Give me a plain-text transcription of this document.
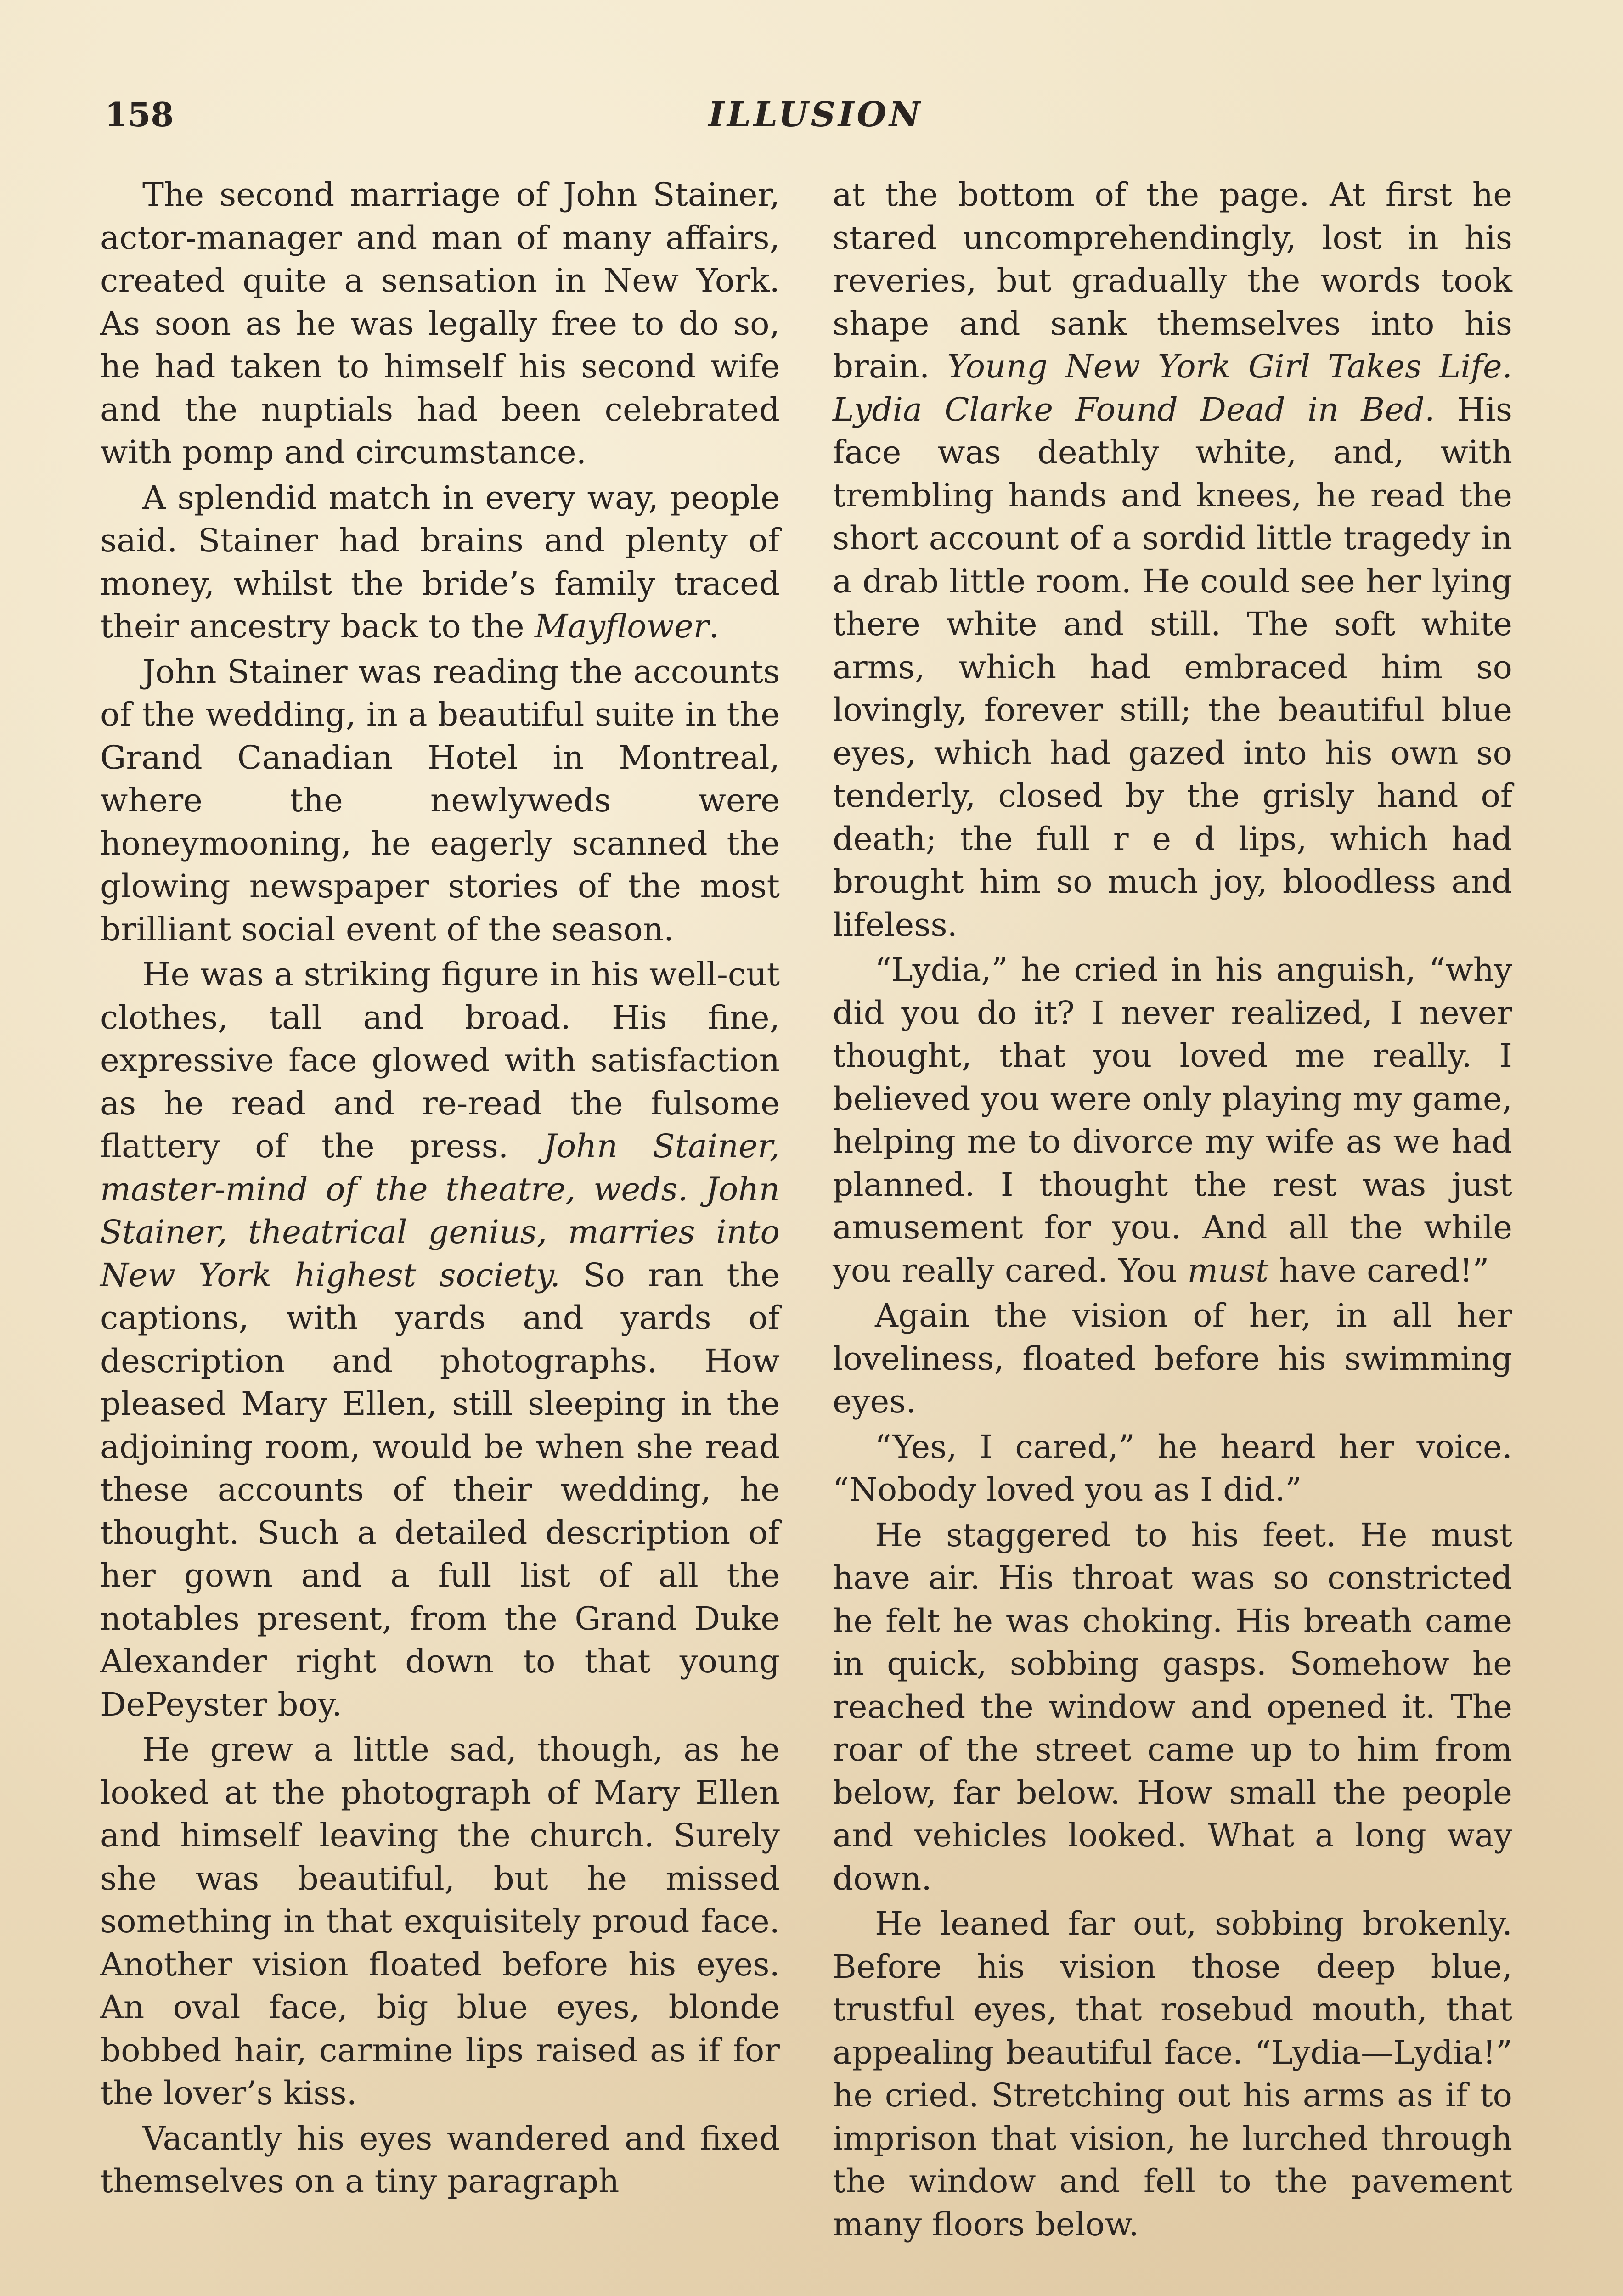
158	ILLUSION

The second marriage of John Stainer, actor-manager and man of many affairs, created quite a sensation in New York. As soon as he was legally free to do so, he had taken to himself his second wife and the nuptials had been celebrated with pomp and circumstance.

A splendid match in every way, people said. Stainer had brains and plenty of money, whilst the bride’s family traced their ancestry back to the Mayflower.

John Stainer was reading the accounts of the wedding, in a beautiful suite in the Grand Canadian Hotel in Montreal, where the newlyweds were honeymooning, he eagerly scanned the glowing newspaper stories of the most brilliant social event of the season.

He was a striking figure in his well-cut clothes, tall and broad. His fine, expressive face glowed with satisfaction as he read and re-read the fulsome flattery of the press. John Stainer, master-mind of the theatre, weds. John Stainer, theatrical genius, marries into New York highest society. So ran the captions, with yards and yards of description and photographs. How pleased Mary Ellen, still sleeping in the adjoining room, would be when she read these accounts of their wedding, he thought. Such a detailed description of her gown and a full list of all the notables present, from the Grand Duke Alexander right down to that young DePeyster boy.

He grew a little sad, though, as he looked at the photograph of Mary Ellen and himself leaving the church. Surely she was beautiful, but he missed something in that exquisitely proud face. Another vision floated before his eyes. An oval face, big blue eyes, blonde bobbed hair, carmine lips raised as if for the lover’s kiss.

Vacantly his eyes wandered and fixed themselves on a tiny paragraph

at the bottom of the page. At first he stared uncomprehendingly, lost in his reveries, but gradually the words took shape and sank themselves into his brain. Young New York Girl Takes Life. Lydia Clarke Found Dead in Bed. His face was deathly white, and, with trembling hands and knees, he read the short account of a sordid little tragedy in a drab little room. He could see her lying there white and still. The soft white arms, which had embraced him so lovingly, forever still; the beautiful blue eyes, which had gazed into his own so tenderly, closed by the grisly hand of death; the full r e d lips, which had brought him so much joy, bloodless and lifeless.

“Lydia,” he cried in his anguish, “why did you do it? I never realized, I never thought, that you loved me really. I believed you were only playing my game, helping me to divorce my wife as we had planned. I thought the rest was just amusement for you. And all the while you really cared. You must have cared!”

Again the vision of her, in all her loveliness, floated before his swimming eyes.

“Yes, I cared,” he heard her voice. “Nobody loved you as I did.”

He staggered to his feet. He must have air. His throat was so constricted he felt he was choking. His breath came in quick, sobbing gasps. Somehow he reached the window and opened it. The roar of the street came up to him from below, far below. How small the people and vehicles looked. What a long way down.

He leaned far out, sobbing brokenly. Before his vision those deep blue, trustful eyes, that rosebud mouth, that appealing beautiful face. “Lydia—Lydia!” he cried. Stretching out his arms as if to imprison that vision, he lurched through the window and fell to the pavement many floors below.
